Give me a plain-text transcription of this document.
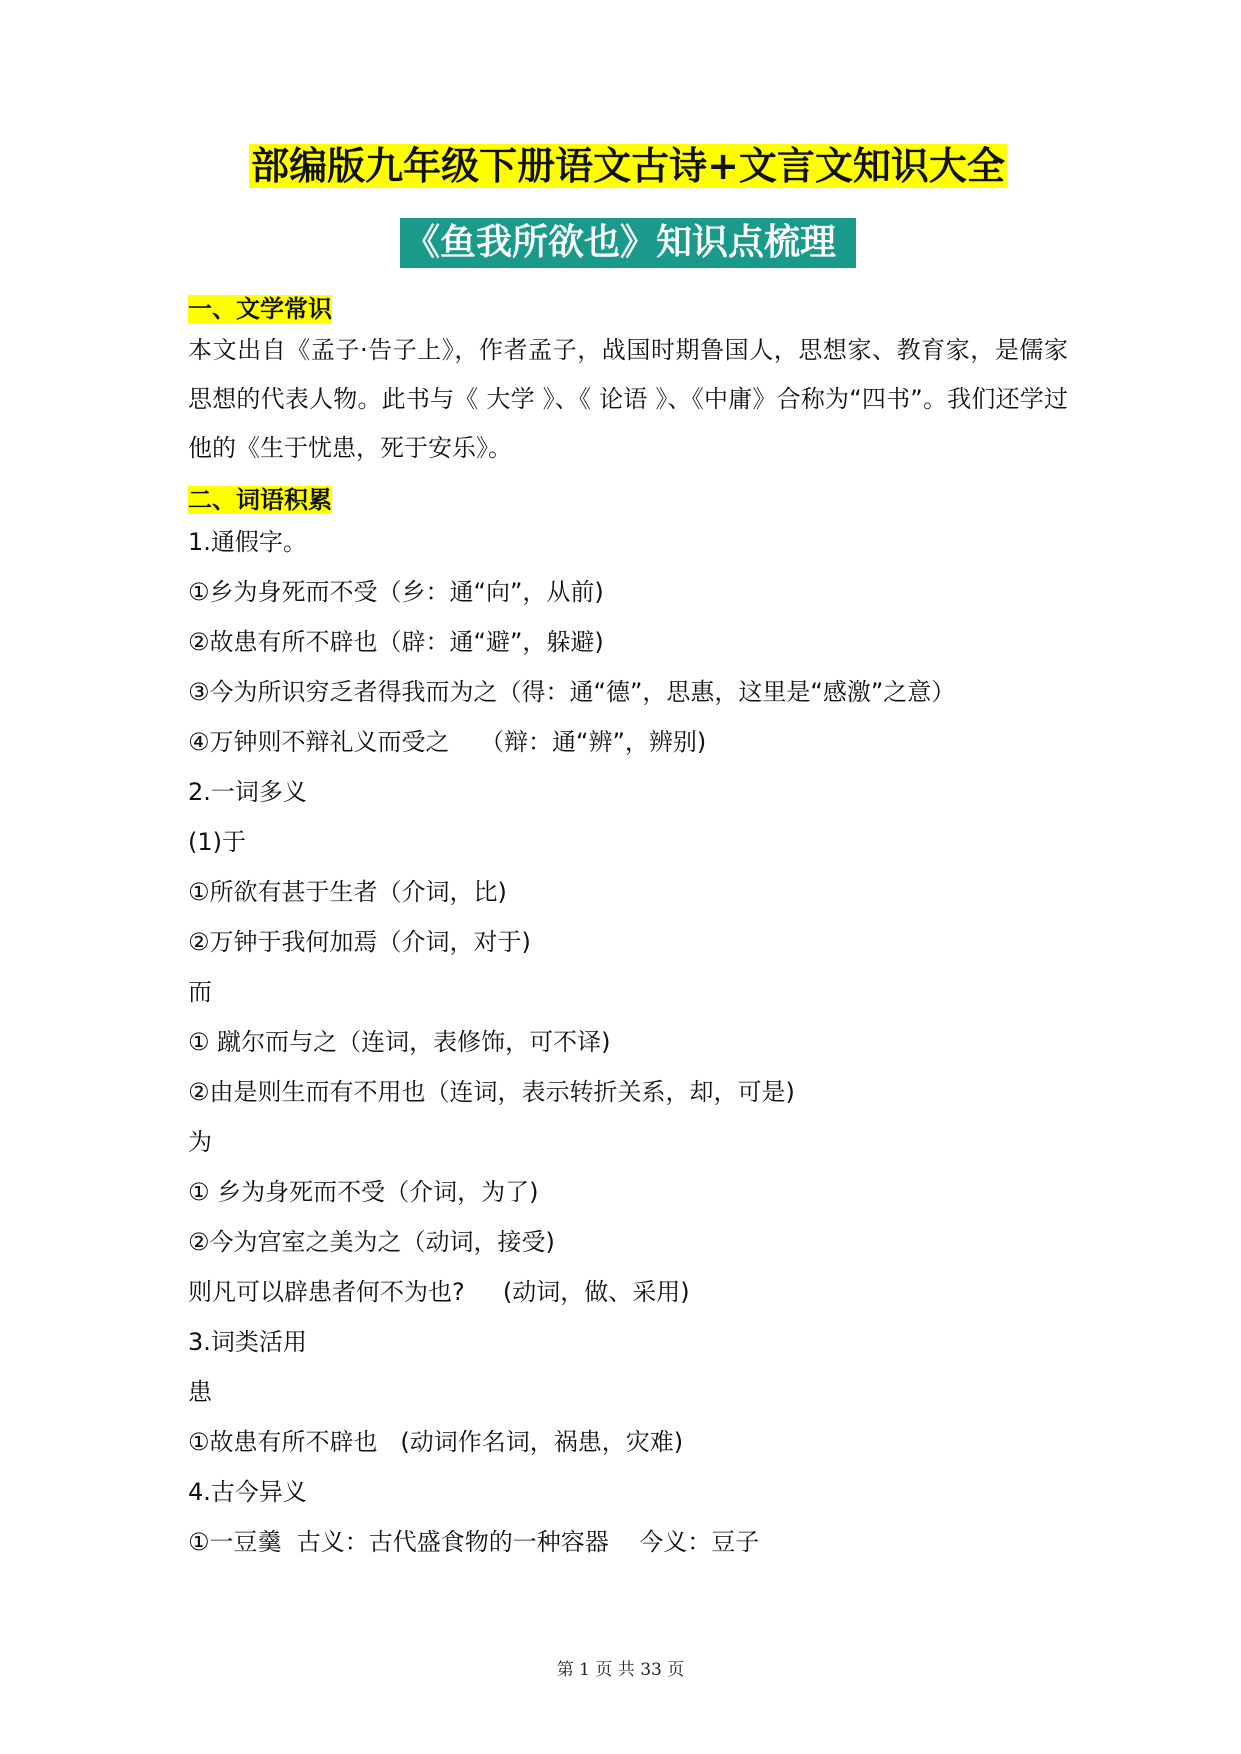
部编版九年级下册语文古诗+文言文知识大全
《鱼我所欲也》知识点梳理
一、文学常识

本文出自《孟子·告子上》，作者孟子，战国时期鲁国人，思想家、教育家，是儒家思想的代表人物。此书与《 大学 》、《 论语 》、《中庸》合称为“四书”。我们还学过他的《生于忧患，死于安乐》。

二、词语积累

1.通假字。

①乡为身死而不受（乡：通“向”，从前)

②故患有所不辟也（辟：通“避”，躲避)

③今为所识穷乏者得我而为之（得：通“德”，思惠，这里是“感激”之意）

④万钟则不辩礼义而受之    （辩：通“辨”，辨别)

2.一词多义

(1)于

①所欲有甚于生者（介词，比)

②万钟于我何加焉（介词，对于)

而

① 蹴尔而与之（连词，表修饰，可不译)

②由是则生而有不用也（连词，表示转折关系，却，可是)

为

① 乡为身死而不受（介词，为了)

②今为宫室之美为之（动词，接受)

则凡可以辟患者何不为也?     (动词，做、采用)

3.词类活用

患

①故患有所不辟也   (动词作名词，祸患，灾难)

4.古今异义

①一豆羹  古义：古代盛食物的一种容器    今义：豆子

第 1 页 共 33 页
